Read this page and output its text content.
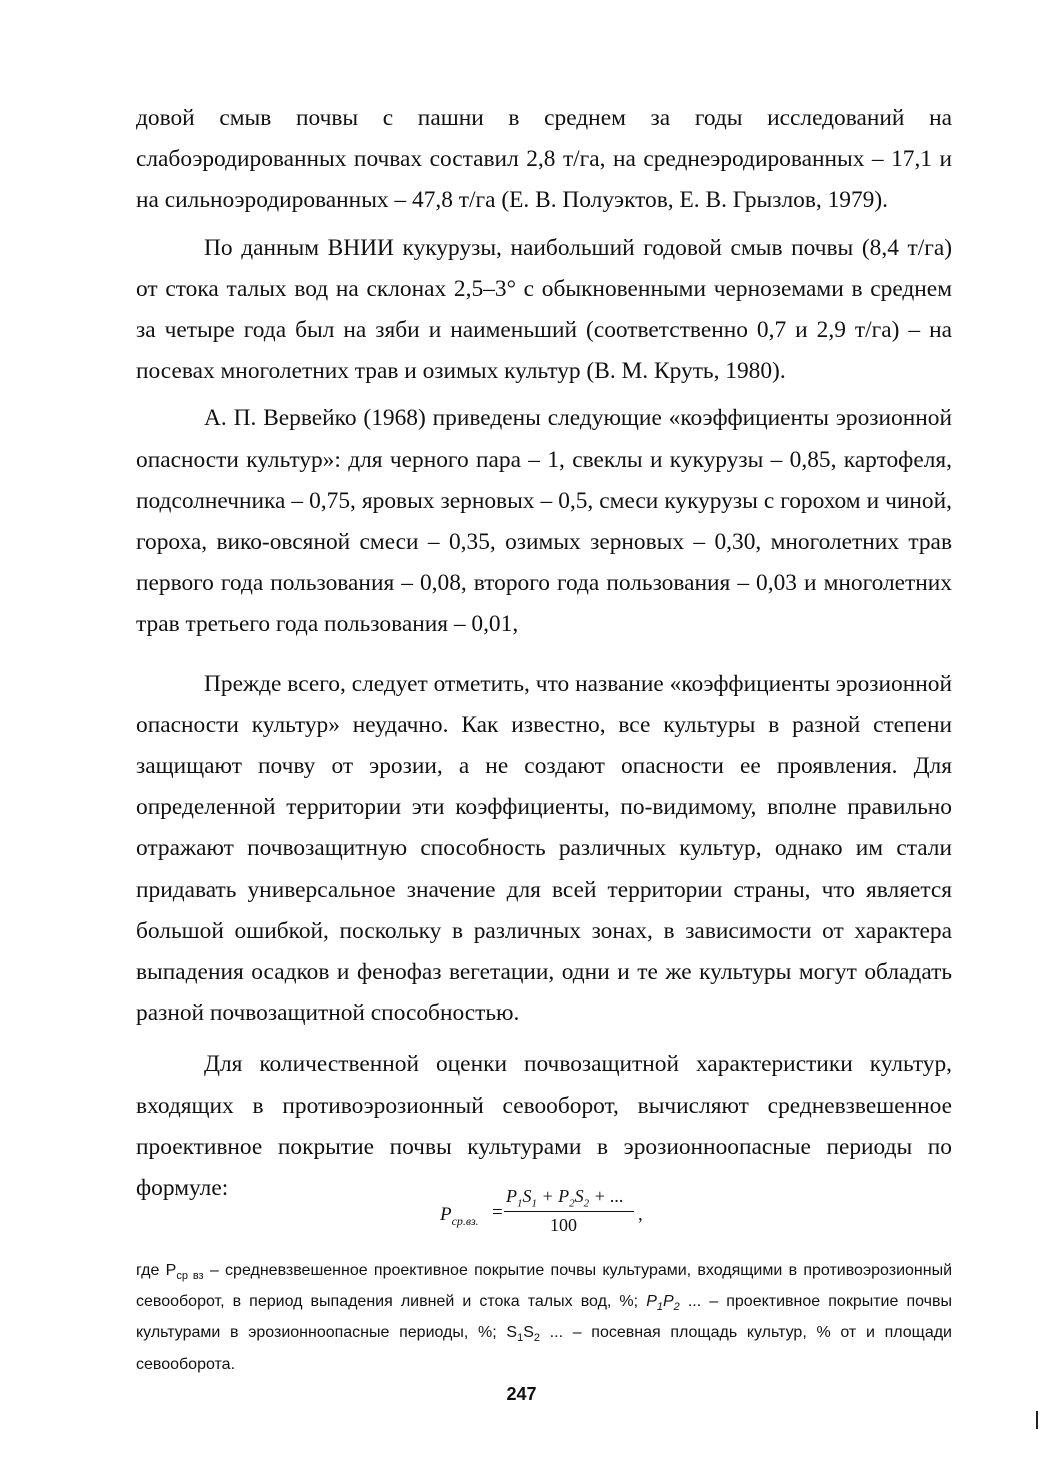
довой смыв почвы с пашни в среднем за годы исследований на слабоэродированных почвах составил 2,8 т/га, на среднеэродированных – 17,1 и на сильноэродированных – 47,8 т/га (Е. В. Полуэктов, Е. В. Грызлов, 1979).

По данным ВНИИ кукурузы, наибольший годовой смыв почвы (8,4 т/га) от стока талых вод на склонах 2,5–3° с обыкновенными черноземами в среднем за четыре года был на зяби и наименьший (соответственно 0,7 и 2,9 т/га) – на посевах многолетних трав и озимых культур (В. М. Круть, 1980).

А. П. Вервейко (1968) приведены следующие «коэффициенты эрозионной опасности культур»: для черного пара – 1, свеклы и кукурузы – 0,85, картофеля, подсолнечника – 0,75, яровых зерновых – 0,5, смеси кукурузы с горохом и чиной, гороха, вико-овсяной смеси – 0,35, озимых зерновых – 0,30, многолетних трав первого года пользования – 0,08, второго года пользования – 0,03 и многолетних трав третьего года пользования – 0,01,

Прежде всего, следует отметить, что название «коэффициенты эрозионной опасности культур» неудачно. Как известно, все культуры в разной степени защищают почву от эрозии, а не создают опасности ее проявления. Для определенной территории эти коэффициенты, по-видимому, вполне правильно отражают почвозащитную способность различных культур, однако им стали придавать универсальное значение для всей территории страны, что является большой ошибкой, поскольку в различных зонах, в зависимости от характера выпадения осадков и фенофаз вегетации, одни и те же культуры могут обладать разной почвозащитной способностью.

Для количественной оценки почвозащитной характеристики культур, входящих в противоэрозионный севооборот, вычисляют средневзвешенное проективное покрытие почвы культурами в эрозионноопасные периоды по формуле:

$P_{ср.вз.}$ =
$P_1S_1 + P_2S_2$ + ...
100	,

где $P_{ср вз}$ – средневзвешенное проективное покрытие почвы культурами, входящими в противоэрозионный севооборот, в период выпадения ливней и стока талых вод, %; $P_1P_2$ ... – проективное покрытие почвы культурами в эрозионноопасные периоды, %; $S_1S_2$ ... – посевная площадь культур, % от и площади севооборота.

247
